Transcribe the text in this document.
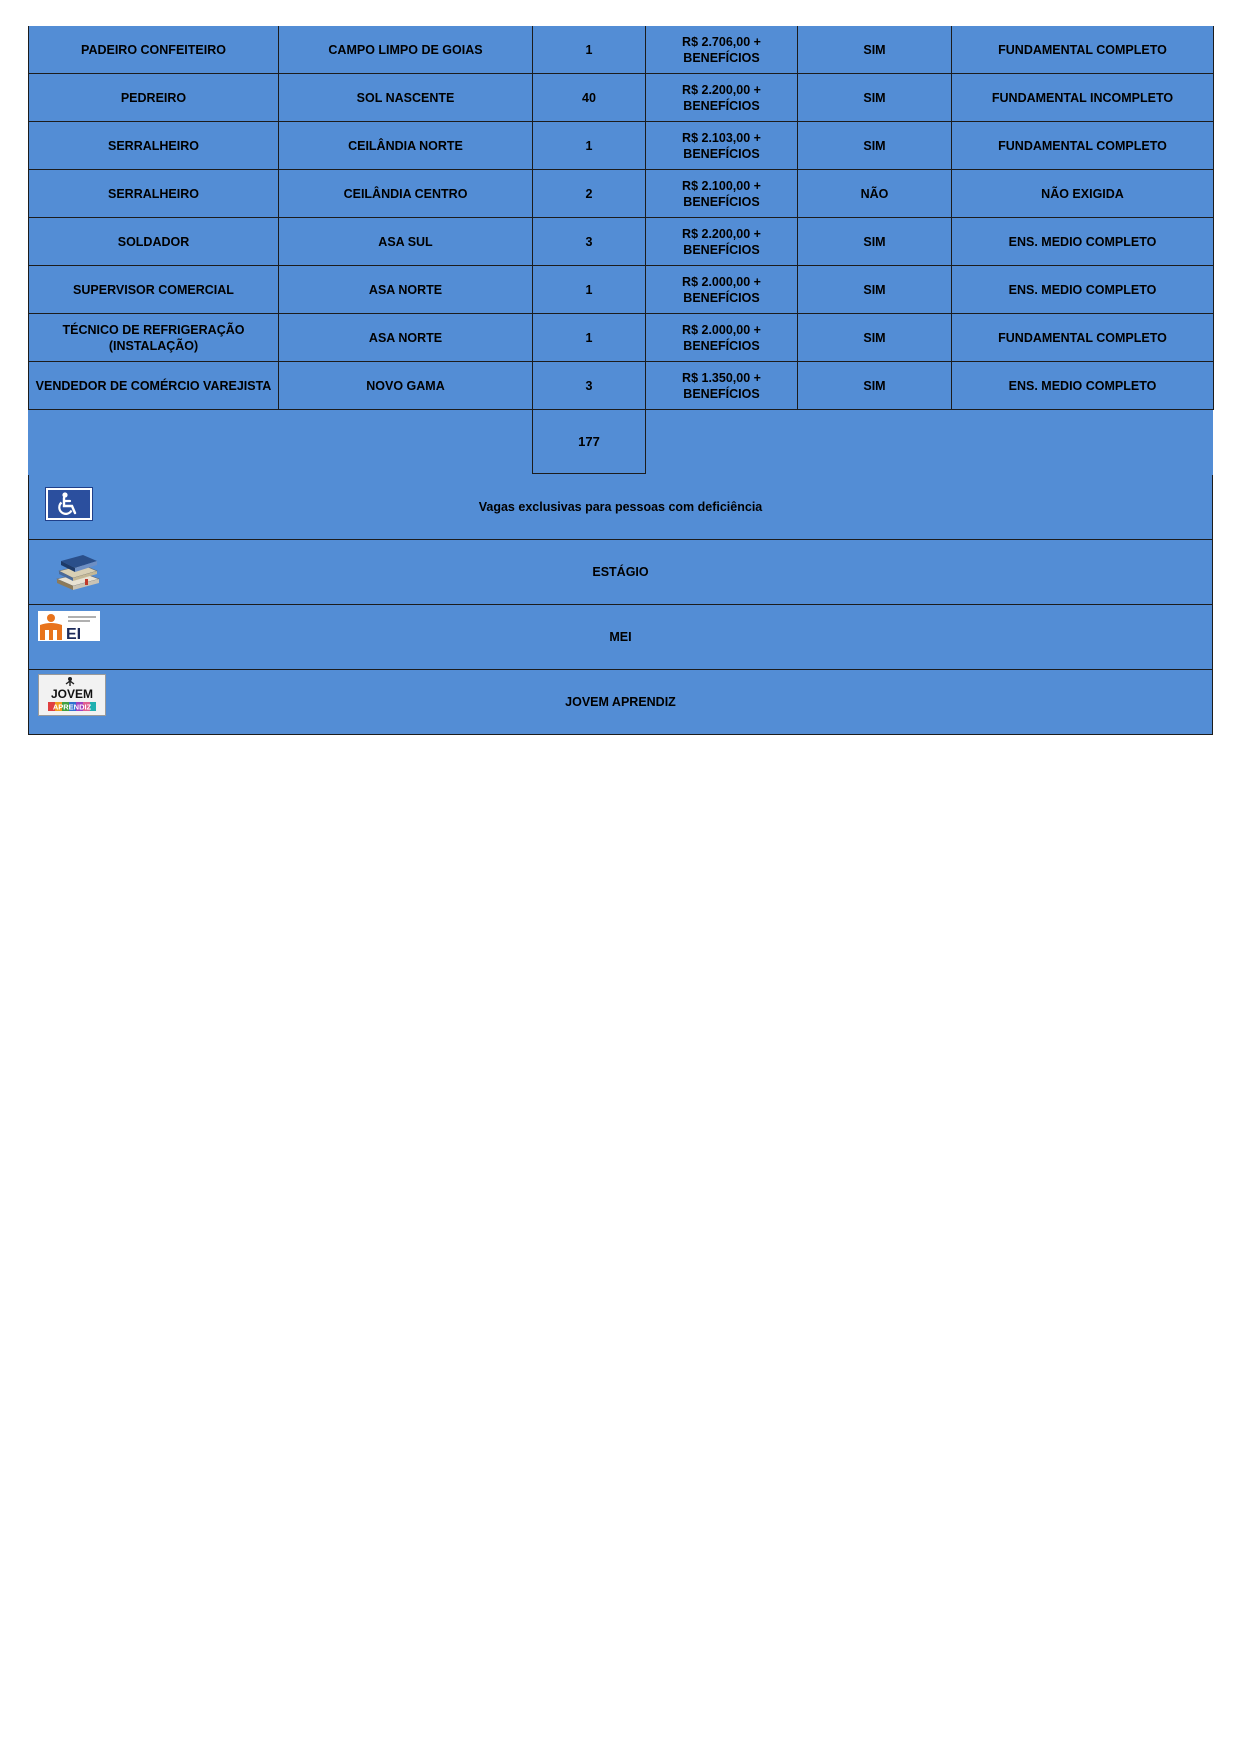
PADEIRO CONFEITEIRO	CAMPO LIMPO DE GOIAS	1	R$ 2.706,00 +
BENEFÍCIOS	SIM	FUNDAMENTAL COMPLETO
PEDREIRO	SOL NASCENTE	40	R$ 2.200,00 +
BENEFÍCIOS	SIM	FUNDAMENTAL INCOMPLETO
SERRALHEIRO	CEILÂNDIA NORTE	1	R$ 2.103,00 +
BENEFÍCIOS	SIM	FUNDAMENTAL COMPLETO
SERRALHEIRO	CEILÂNDIA CENTRO	2	R$ 2.100,00 +
BENEFÍCIOS	NÃO	NÃO EXIGIDA
SOLDADOR	ASA SUL	3	R$ 2.200,00 +
BENEFÍCIOS	SIM	ENS. MEDIO COMPLETO
SUPERVISOR COMERCIAL	ASA NORTE	1	R$ 2.000,00 +
BENEFÍCIOS	SIM	ENS. MEDIO COMPLETO
TÉCNICO DE REFRIGERAÇÃO (INSTALAÇÃO)	ASA NORTE	1	R$ 2.000,00 +
BENEFÍCIOS	SIM	FUNDAMENTAL COMPLETO
VENDEDOR DE COMÉRCIO VAREJISTA	NOVO GAMA	3	R$ 1.350,00 +
BENEFÍCIOS	SIM	ENS. MEDIO COMPLETO
177
Vagas exclusivas para pessoas com deficiência
ESTÁGIO
EI	MEI
JOVEM
APRENDIZ	JOVEM APRENDIZ
